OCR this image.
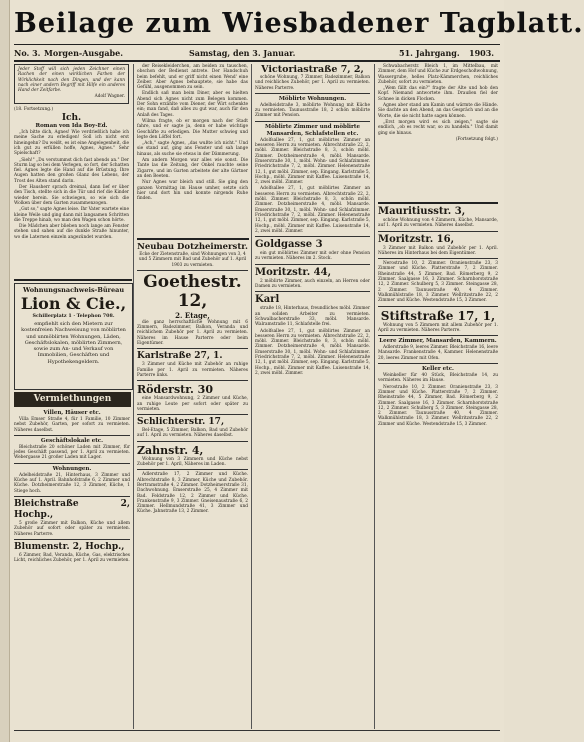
Beilage zum Wiesbadener Tagblatt.
No. 3. Morgen-Ausgabe.	Samstag, den 3. Januar.	51. Jahrgang. 1903.

Jeder Stoff will sich jeden Zeichner einen Rachen der einen wirklichen Farben der Wirklichkeit nach den Dingen, und der kann nach einer andern Begriff mit Hilfe ein anderes Hand der Zeitfarbe.

Adolf Wagner.

(18. Fortsetzung.)

Ich.
Roman von Ida Boy-Ed.

„Ich bitte dich, Agnes! Wie verdrießlich habe ich meine Sache zu erledigen! Soll ich nicht erst hineingehn? Du weißt, es ist eine Angelegenheit, die ich gut zu erfüllen hoffe, Agnes, Agnes." Sehr Spielschaft?

„Sieh!" „Du verstummst dich fast abends an." Der Sturm lag so bei dem Verlegen, so fort, der Schatten fiel. Agnes legte die Hand auf die Brüstung. Ihre Augen hatten den großen Glanz des Lebens, der Trost des Alten stand darin.

Der Hausherr sprach dreimal, dann lief er über den Tisch, stellte sich in die Tür und rief die Kinder wieder herein. Sie schwiegen, so wie sich die Wolken über dem Garten zusammenzogen.

„Gut so," sagte Agnes leise. Ihr Vater wartete eine kleine Weile und ging dann mit langsamen Schritten die Treppe hinab, wo man den Wagen schon hörte.

Die Mädchen aber blieben noch lange am Fenster stehen und sahen auf die dunkle Straße hinunter, wo die Laternen einzeln angezündet wurden.

Wohnungsnachweis-Büreau
Lion & Cie.,
Schillerplatz 1 · Telephon 708.
empfiehlt sich den Mietern zur kostenfreien Nachweisung von möblirten und unmöblirten Wohnungen, Läden, Geschäftslokalen, möblirten Zimmern, sowie zum An- und Verkauf von Immobilien, Geschäften und Hypothekengeldern.
Vermiethungen
Villen, Häuser etc.

Villa Emser Straße 4, für 1 Familie, 10 Zimmer nebst Zubehör, Garten, per sofort zu vermieten. Näheres daselbst.

Geschäftslokale etc.

Bleichstraße 20 schöner Laden mit Zimmer, für jedes Geschäft passend, per 1. April zu vermieten. Webergasse 21 großer Laden mit Lager.

Wohnungen.

Adelheidstraße 21, Hinterhaus, 3 Zimmer und Küche auf 1. April. Bahnhofstraße 6, 2 Zimmer und Küche. Dotzheimerstraße 12, 3 Zimmer, Küche, 1 Stiege hoch.

Bleichstraße 2, Hochp.,

5 große Zimmer mit Balkon, Küche und allem Zubehör auf sofort oder später zu vermieten. Näheres Parterre.

Blumenstr. 2, Hochp.,

6 Zimmer, Bad, Veranda, Küche, Gas, elektrisches Licht, reichliches Zubehör, per 1. April zu vermieten.

der Reisekleiderchen, am beiden zu tauschen, obschon der Bedienst antrete. Der Handschuh beim befehlt, und er griff nicht einen Wend' eine Zeiber. Aber Agnes behauptete, sie habe das Gefühl, ausgenommen zu sein.

Endlich saß man beim Diner, aber es hielten Abend sich Agnes nicht zum Belegen kommen. Der Sohn erzählte vom Diener, der Wirt schenkte ein; man fand, daß alles zu gut war, auch für den Anlaß des Tages.

Wilma fragte, ob er morgen nach der Stadt fahre, und er sagte ja, denn er habe wichtige Geschäfte zu erledigen. Die Mutter schwieg und legte den Löffel fort.

„Ach," sagte Agnes, „das wußte ich nicht." Und sie stand auf, ging ans Fenster und sah lange hinaus, als suche sie etwas in der Dämmerung.

Am andern Morgen war alles wie sonst. Die Tante las die Zeitung, der Onkel rauchte seine Zigarre, und im Garten arbeitete der alte Gärtner an den Beeten.

Nur Agnes war bleich und still. Sie ging den ganzen Vormittag im Hause umher, setzte sich hier und dort hin und konnte nirgends Ruhe finden.

Neubau Dotzheimerstr.

Ecke der Zietenstraße, sind Wohnungen von 3, 4 und 5 Zimmern mit Bad und Zubehör auf 1. April 1903 zu vermieten.

Goethestr. 12,
2. Etage,

die ganz herrschaftliche Wohnung mit 6 Zimmern, Badezimmer, Balkon, Veranda und reichlichem Zubehör per 1. April zu vermieten. Näheres im Hause Parterre oder beim Eigentümer.

Karlstraße 27, 1.

3 Zimmer und Küche mit Zubehör an ruhige Familie per 1. April zu vermieten. Näheres Parterre links.

Röderstr. 30

eine Mansardwohnung, 2 Zimmer und Küche, an ruhige Leute per sofort oder später zu vermieten.

Schlichterstr. 17,

Bel-Etage, 5 Zimmer, Balkon, Bad und Zubehör auf 1. April zu vermieten. Näheres daselbst.

Zahnstr. 4,

Wohnung von 3 Zimmern und Küche nebst Zubehör per 1. April, Näheres im Laden.

Adlerstraße 17, 2 Zimmer und Küche. Albrechtstraße 8, 3 Zimmer, Küche und Zubehör. Bertramstraße 4, 2 Zimmer. Dotzheimerstraße 31, Dachwohnung. Emserstraße 25, 4 Zimmer mit Bad. Feldstraße 12, 2 Zimmer und Küche. Frankenstraße 9, 3 Zimmer. Gneisenaustraße 6, 2 Zimmer. Hellmundstraße 41, 3 Zimmer und Küche. Jahnstraße 13, 2 Zimmer.

Victoriastraße 7, 2,

schöne Wohnung, 7 Zimmer, Badezimmer, Balkon und reichliches Zubehör, per 1. April zu vermieten. Näheres Parterre.

Möblirte Wohnungen.

Adelheidstraße 3, möblirte Wohnung mit Küche zu vermieten. Taunusstraße 18, 2 schön möblirte Zimmer mit Pension.

Möblirte Zimmer und möblirte Mansarden, Schlafstellen etc.

Adolfsallee 27, 1, gut möblirtes Zimmer an besseren Herrn zu vermieten. Albrechtstraße 22, 2, möbl. Zimmer. Bleichstraße 8, 3, schön möbl. Zimmer. Dotzheimerstraße 4, möbl. Mansarde. Emserstraße 30, 1, möbl. Wohn- und Schlafzimmer. Friedrichstraße 7, 2, möbl. Zimmer. Helenenstraße 12, 1, gut möbl. Zimmer, sep. Eingang. Karlstraße 5, Hochp., möbl. Zimmer mit Kaffee. Luisenstraße 14, 2, zwei möbl. Zimmer.

Adolfsallee 27, 1, gut möblirtes Zimmer an besseren Herrn zu vermieten. Albrechtstraße 22, 2, möbl. Zimmer. Bleichstraße 8, 3, schön möbl. Zimmer. Dotzheimerstraße 4, möbl. Mansarde. Emserstraße 30, 1, möbl. Wohn- und Schlafzimmer. Friedrichstraße 7, 2, möbl. Zimmer. Helenenstraße 12, 1, gut möbl. Zimmer, sep. Eingang. Karlstraße 5, Hochp., möbl. Zimmer mit Kaffee. Luisenstraße 14, 2, zwei möbl. Zimmer.

Goldgasse 3

ein gut möblirtes Zimmer mit oder ohne Pension zu vermieten. Näheres im 2. Stock.

Moritzstr. 44,

2 möblirte Zimmer, auch einzeln, an Herren oder Damen zu vermieten.

Karl

straße 18, Hinterhaus, freundliches möbl. Zimmer an soliden Arbeiter zu vermieten. Schwalbacherstraße 33, möbl. Mansarde. Walramstraße 11, Schlafstelle frei.

Adolfsallee 27, 1, gut möblirtes Zimmer an besseren Herrn zu vermieten. Albrechtstraße 22, 2, möbl. Zimmer. Bleichstraße 8, 3, schön möbl. Zimmer. Dotzheimerstraße 4, möbl. Mansarde. Emserstraße 30, 1, möbl. Wohn- und Schlafzimmer. Friedrichstraße 7, 2, möbl. Zimmer. Helenenstraße 12, 1, gut möbl. Zimmer, sep. Eingang. Karlstraße 5, Hochp., möbl. Zimmer mit Kaffee. Luisenstraße 14, 2, zwei möbl. Zimmer.

Schwabacherstr. Bleich 1, im Mittelbau, mit Zimmer, dem Hof und Küche zur Erdgeschoßwohnung, Wassergrube, helles Platz-Kämmerchen, reichliches Zubehör, sofort zu vermieten.

„Wem fällt das ein?" fragte der Alte und hob den Kopf. Niemand antwortete ihm. Draußen fiel der Schnee in dicken Flocken.

Agnes aber stand am Kamin und wärmte die Hände. Sie dachte an den Abend, an das Gespräch und an die Worte, die sie nicht hatte sagen können.

„Erst morgen wird es sich zeigen," sagte sie endlich, „ob es recht war, so zu handeln." Und damit ging sie hinaus.

(Fortsetzung folgt.)

Mauritiusstr. 3,

schöne Wohnung von 4 Zimmern, Küche, Mansarde, auf 1. April zu vermieten. Näheres daselbst.

Moritzstr. 16,

3 Zimmer mit Balkon und Zubehör per 1. April. Näheres im Hinterhaus bei dem Eigentümer.

Nerostraße 10, 2 Zimmer. Oranienstraße 23, 3 Zimmer und Küche. Platterstraße 7, 2 Zimmer. Rheinstraße 44, 5 Zimmer, Bad. Römerberg 9, 2 Zimmer. Saalgasse 16, 3 Zimmer. Scharnhorststraße 12, 2 Zimmer. Schulberg 5, 3 Zimmer. Steingasse 28, 2 Zimmer. Taunusstraße 40, 4 Zimmer. Walkmühlstraße 18, 3 Zimmer. Wellritzstraße 22, 2 Zimmer und Küche. Westendstraße 15, 3 Zimmer.

Stiftstraße 17, 1,

Wohnung von 5 Zimmern mit allem Zubehör per 1. April zu vermieten. Näheres Parterre.

Leere Zimmer, Mansarden, Kammern.

Adlerstraße 9, leeres Zimmer. Bleichstraße 16, leere Mansarde. Frankenstraße 4, Kammer. Helenenstraße 20, leeres Zimmer mit Ofen.

Keller etc.

Weinkeller für 40 Stück, Bleichstraße 14, zu vermieten. Näheres im Hause.

Nerostraße 10, 2 Zimmer. Oranienstraße 23, 3 Zimmer und Küche. Platterstraße 7, 2 Zimmer. Rheinstraße 44, 5 Zimmer, Bad. Römerberg 9, 2 Zimmer. Saalgasse 16, 3 Zimmer. Scharnhorststraße 12, 2 Zimmer. Schulberg 5, 3 Zimmer. Steingasse 28, 2 Zimmer. Taunusstraße 40, 4 Zimmer. Walkmühlstraße 18, 3 Zimmer. Wellritzstraße 22, 2 Zimmer und Küche. Westendstraße 15, 3 Zimmer.
